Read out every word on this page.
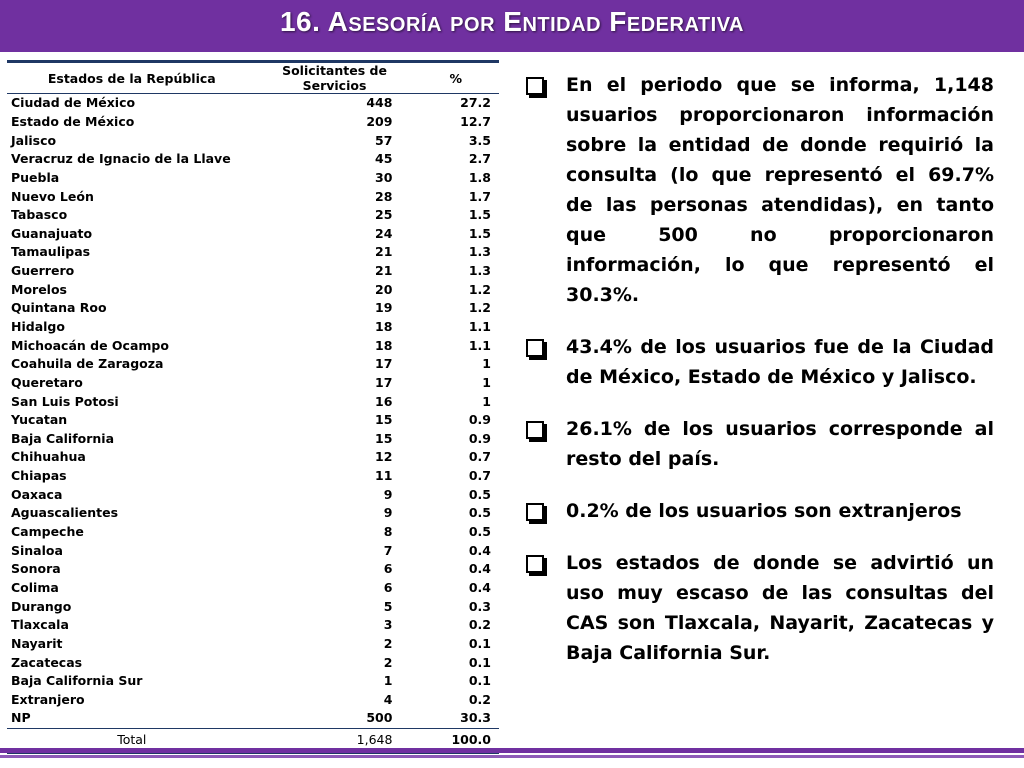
16. Asesoría por Entidad Federativa
Estados de la República	Solicitantes de Servicios	%
Ciudad de México	448	27.2
Estado de México	209	12.7
Jalisco	57	3.5
Veracruz de Ignacio de la Llave	45	2.7
Puebla	30	1.8
Nuevo León	28	1.7
Tabasco	25	1.5
Guanajuato	24	1.5
Tamaulipas	21	1.3
Guerrero	21	1.3
Morelos	20	1.2
Quintana Roo	19	1.2
Hidalgo	18	1.1
Michoacán de Ocampo	18	1.1
Coahuila de Zaragoza	17	1
Queretaro	17	1
San Luis Potosi	16	1
Yucatan	15	0.9
Baja California	15	0.9
Chihuahua	12	0.7
Chiapas	11	0.7
Oaxaca	9	0.5
Aguascalientes	9	0.5
Campeche	8	0.5
Sinaloa	7	0.4
Sonora	6	0.4
Colima	6	0.4
Durango	5	0.3
Tlaxcala	3	0.2
Nayarit	2	0.1
Zacatecas	2	0.1
Baja California Sur	1	0.1
Extranjero	4	0.2
NP	500	30.3
Total	1,648	100.0
En el periodo que se informa, 1,148 usuarios proporcionaron información sobre la entidad de donde requirió la consulta (lo que representó el 69.7% de las personas atendidas), en tanto que 500 no proporcionaron información, lo que representó el 30.3%.
43.4% de los usuarios fue de la Ciudad de México, Estado de México y Jalisco.
26.1% de los usuarios corresponde al resto del país.
0.2% de los usuarios son extranjeros
Los estados de donde se advirtió un uso muy escaso de las consultas del CAS son Tlaxcala, Nayarit, Zacatecas y Baja California Sur.
